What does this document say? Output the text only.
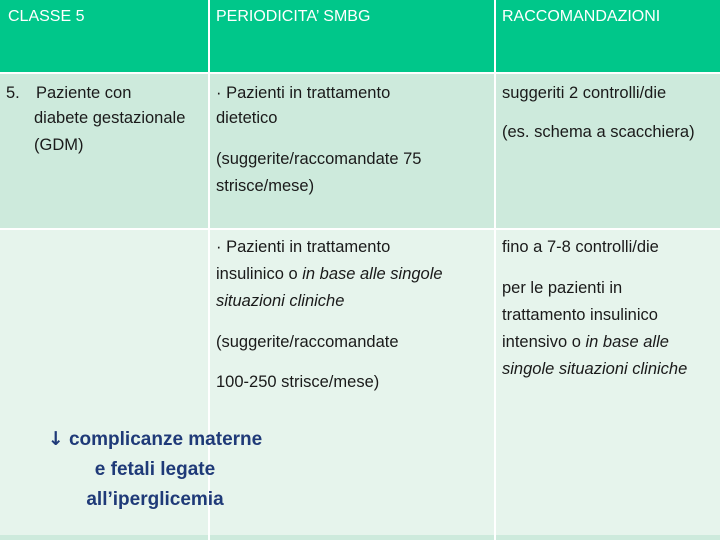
CLASSE 5	PERIODICITA’ SMBG	RACCOMANDAZIONI
5. Paziente con
diabete gestazionale
(GDM)
· Pazienti in trattamento
dietetico
(suggerite/raccomandate 75
strisce/mese)
suggeriti 2 controlli/die
(es. schema a scacchiera)
· Pazienti in trattamento
insulinico o in base alle singole
situazioni cliniche
(suggerite/raccomandate
100-250 strisce/mese)
fino a 7-8 controlli/die
per le pazienti in
trattamento insulinico
intensivo o in base alle
singole situazioni cliniche
↓ complicanze materne
e fetali legate
all’iperglicemia
